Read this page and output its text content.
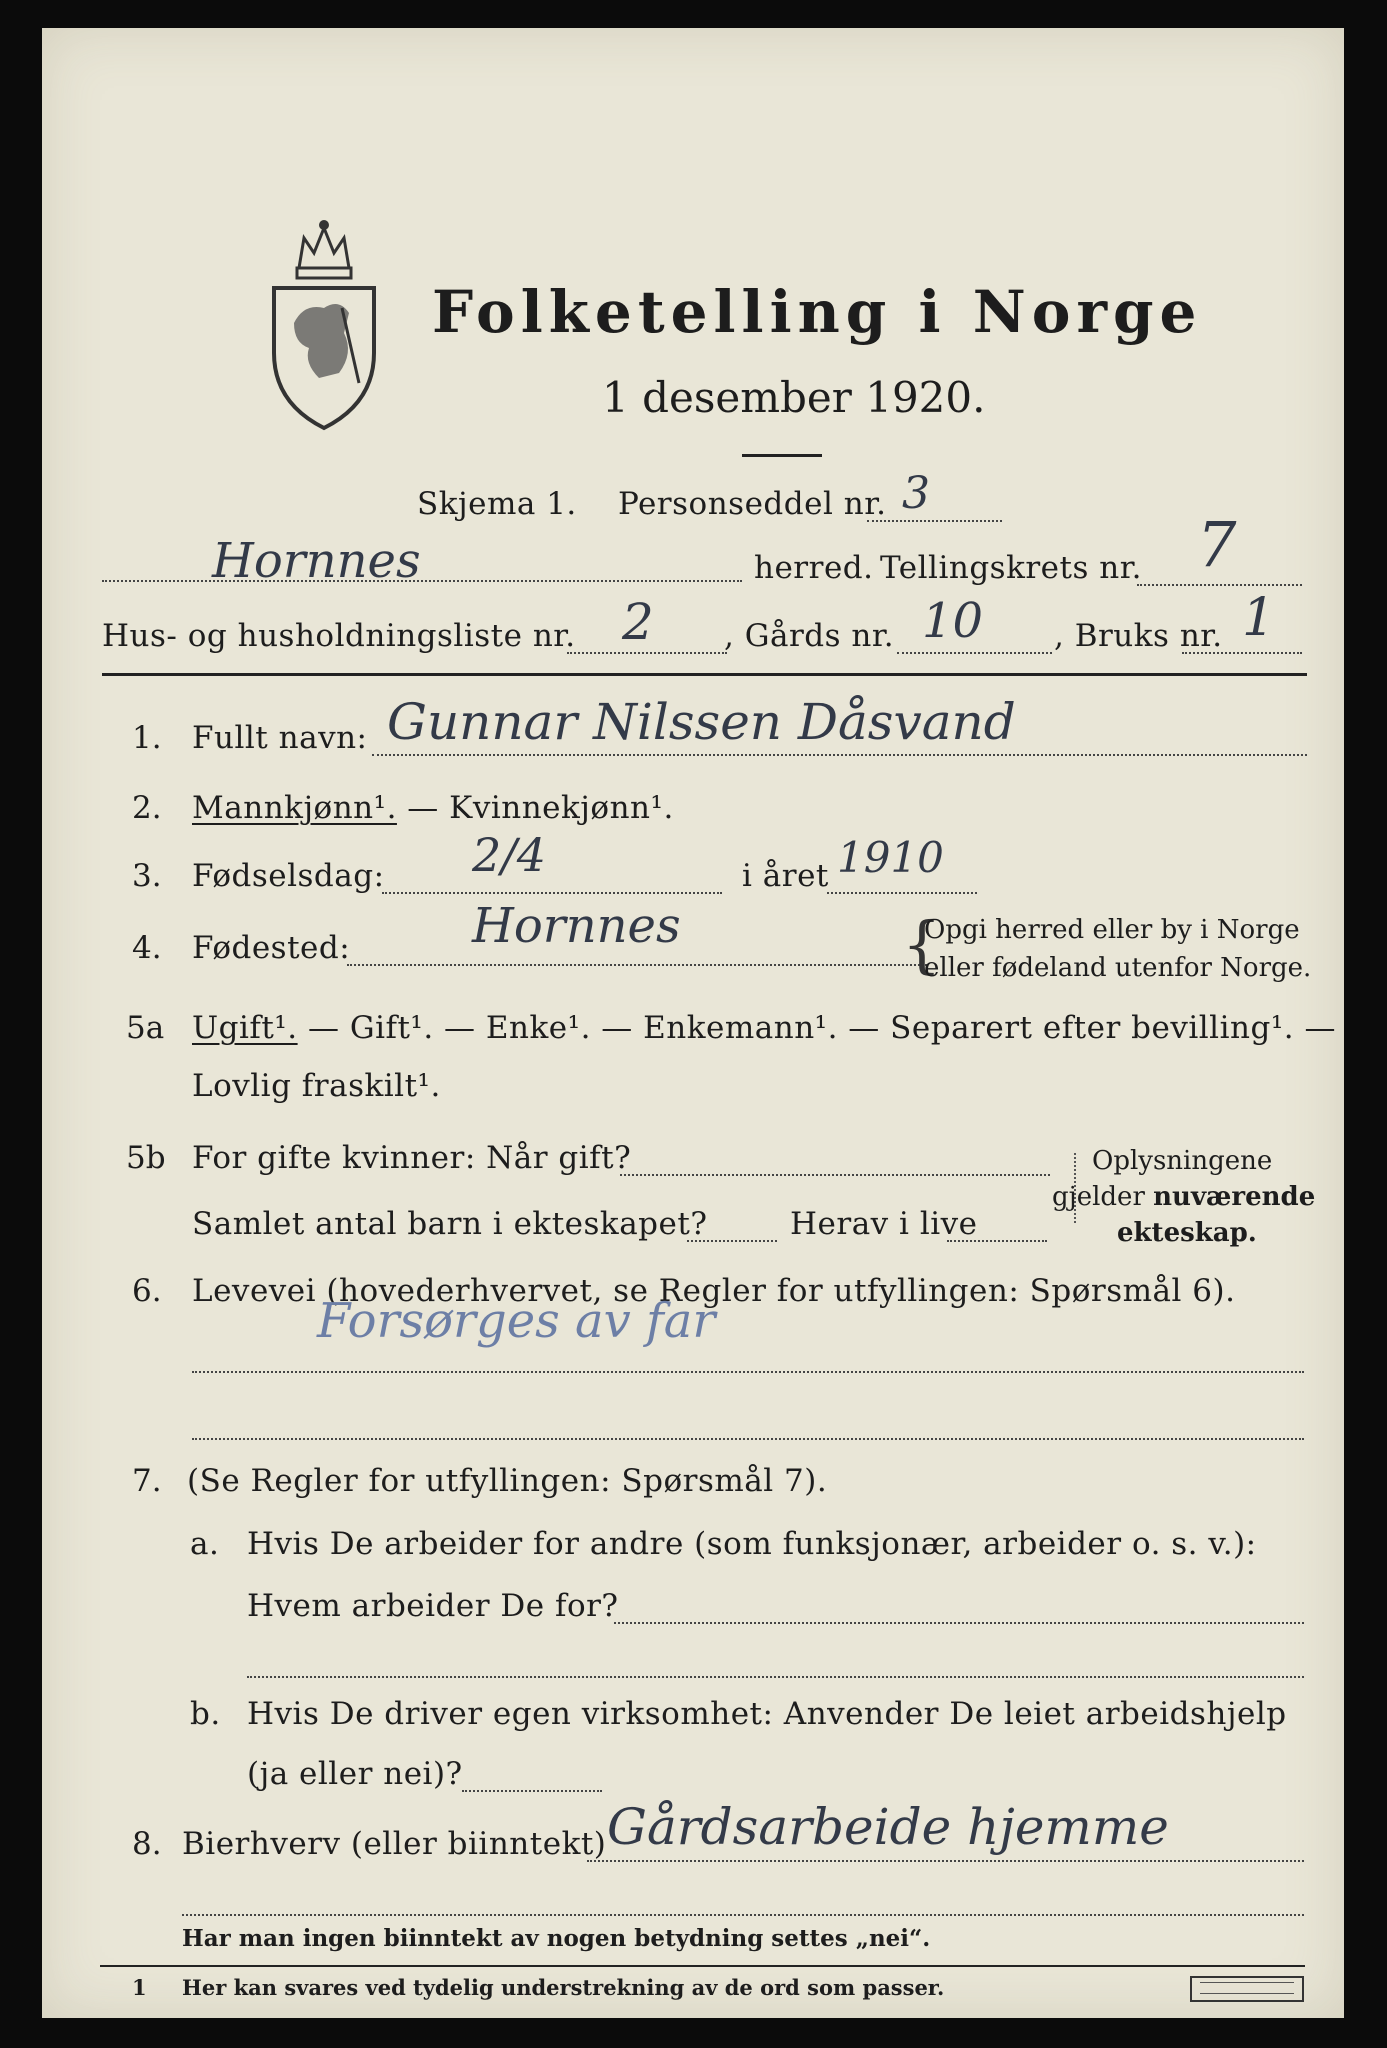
Folketelling i Norge
1 desember 1920.
Skjema 1. Personseddel nr. 3
Hornnes	herred. Tellingskrets nr. 7
Hus- og husholdningsliste nr. 2 , Gårds nr. 10 , Bruks nr. 1
1. Fullt navn: Gunnar Nilssen Dåsvand
2. Mannkjønn¹. — Kvinnekjønn¹.
3. Fødselsdag: 2/4	i året 1910
4. Fødested:	Hornnes	{
Opgi herred eller by i Norge
eller fødeland utenfor Norge.
5a Ugift¹. — Gift¹. — Enke¹. — Enkemann¹. — Separert efter bevilling¹. —
Lovlig fraskilt¹.
5b For gifte kvinner: Når gift?
Samlet antal barn i ekteskapet?	Herav i live
Oplysningene
gjelder nuværende
ekteskap.
6. Levevei (hovederhvervet, se Regler for utfyllingen: Spørsmål 6).
Forsørges av far
7. (Se Regler for utfyllingen: Spørsmål 7).
a. Hvis De arbeider for andre (som funksjonær, arbeider o. s. v.):
Hvem arbeider De for?
b. Hvis De driver egen virksomhet: Anvender De leiet arbeidshjelp
(ja eller nei)?
8. Bierhverv (eller biinntekt) Gårdsarbeide hjemme
Har man ingen biinntekt av nogen betydning settes „nei“.
1 Her kan svares ved tydelig understrekning av de ord som passer.
